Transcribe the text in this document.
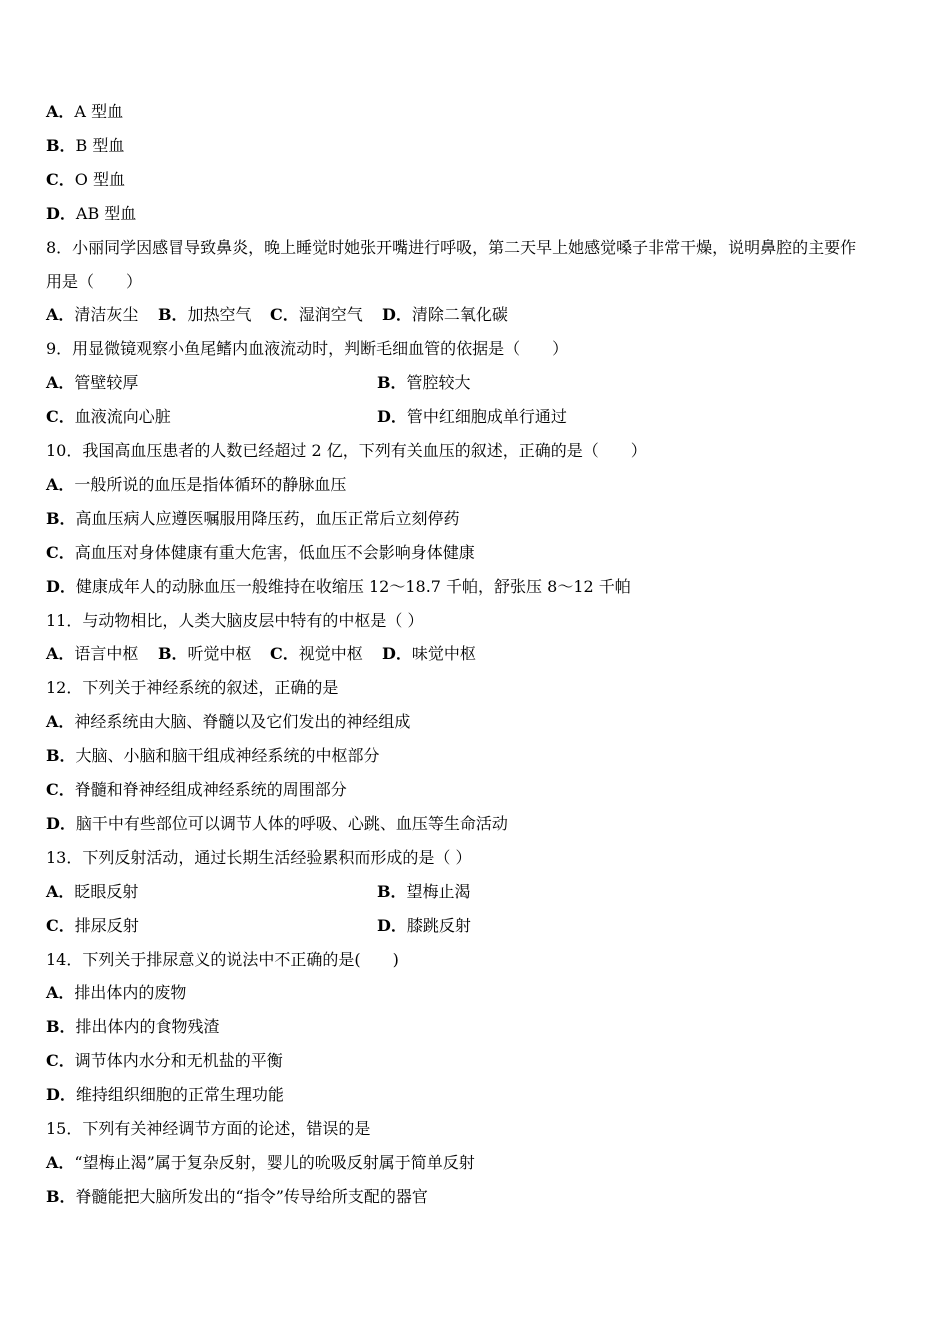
A．A 型血
B．B 型血
C．O 型血
D．AB 型血
8．小丽同学因感冒导致鼻炎，晚上睡觉时她张开嘴进行呼吸，第二天早上她感觉嗓子非常干燥，说明鼻腔的主要作
用是（　　）
A．清洁灰尘 B．加热空气 C．湿润空气 D．清除二氧化碳
9．用显微镜观察小鱼尾鳍内血液流动时，判断毛细血管的依据是（　　）
A．管壁较厚	B．管腔较大
C．血液流向心脏	D．管中红细胞成单行通过
10．我国高血压患者的人数已经超过 2 亿，下列有关血压的叙述，正确的是（　　）
A．一般所说的血压是指体循环的静脉血压
B．高血压病人应遵医嘱服用降压药，血压正常后立刻停药
C．高血压对身体健康有重大危害，低血压不会影响身体健康
D．健康成年人的动脉血压一般维持在收缩压 12～18.7 千帕，舒张压 8～12 千帕
11．与动物相比，人类大脑皮层中特有的中枢是（ ）
A．语言中枢 B．听觉中枢 C．视觉中枢 D．味觉中枢
12．下列关于神经系统的叙述，正确的是
A．神经系统由大脑、脊髓以及它们发出的神经组成
B．大脑、小脑和脑干组成神经系统的中枢部分
C．脊髓和脊神经组成神经系统的周围部分
D．脑干中有些部位可以调节人体的呼吸、心跳、血压等生命活动
13．下列反射活动，通过长期生活经验累积而形成的是（ ）
A．眨眼反射	B．望梅止渴
C．排尿反射	D．膝跳反射
14．下列关于排尿意义的说法中不正确的是(　　)
A．排出体内的废物
B．排出体内的食物残渣
C．调节体内水分和无机盐的平衡
D．维持组织细胞的正常生理功能
15．下列有关神经调节方面的论述，错误的是
A．“望梅止渴”属于复杂反射，婴儿的吮吸反射属于简单反射
B．脊髓能把大脑所发出的“指令”传导给所支配的器官
